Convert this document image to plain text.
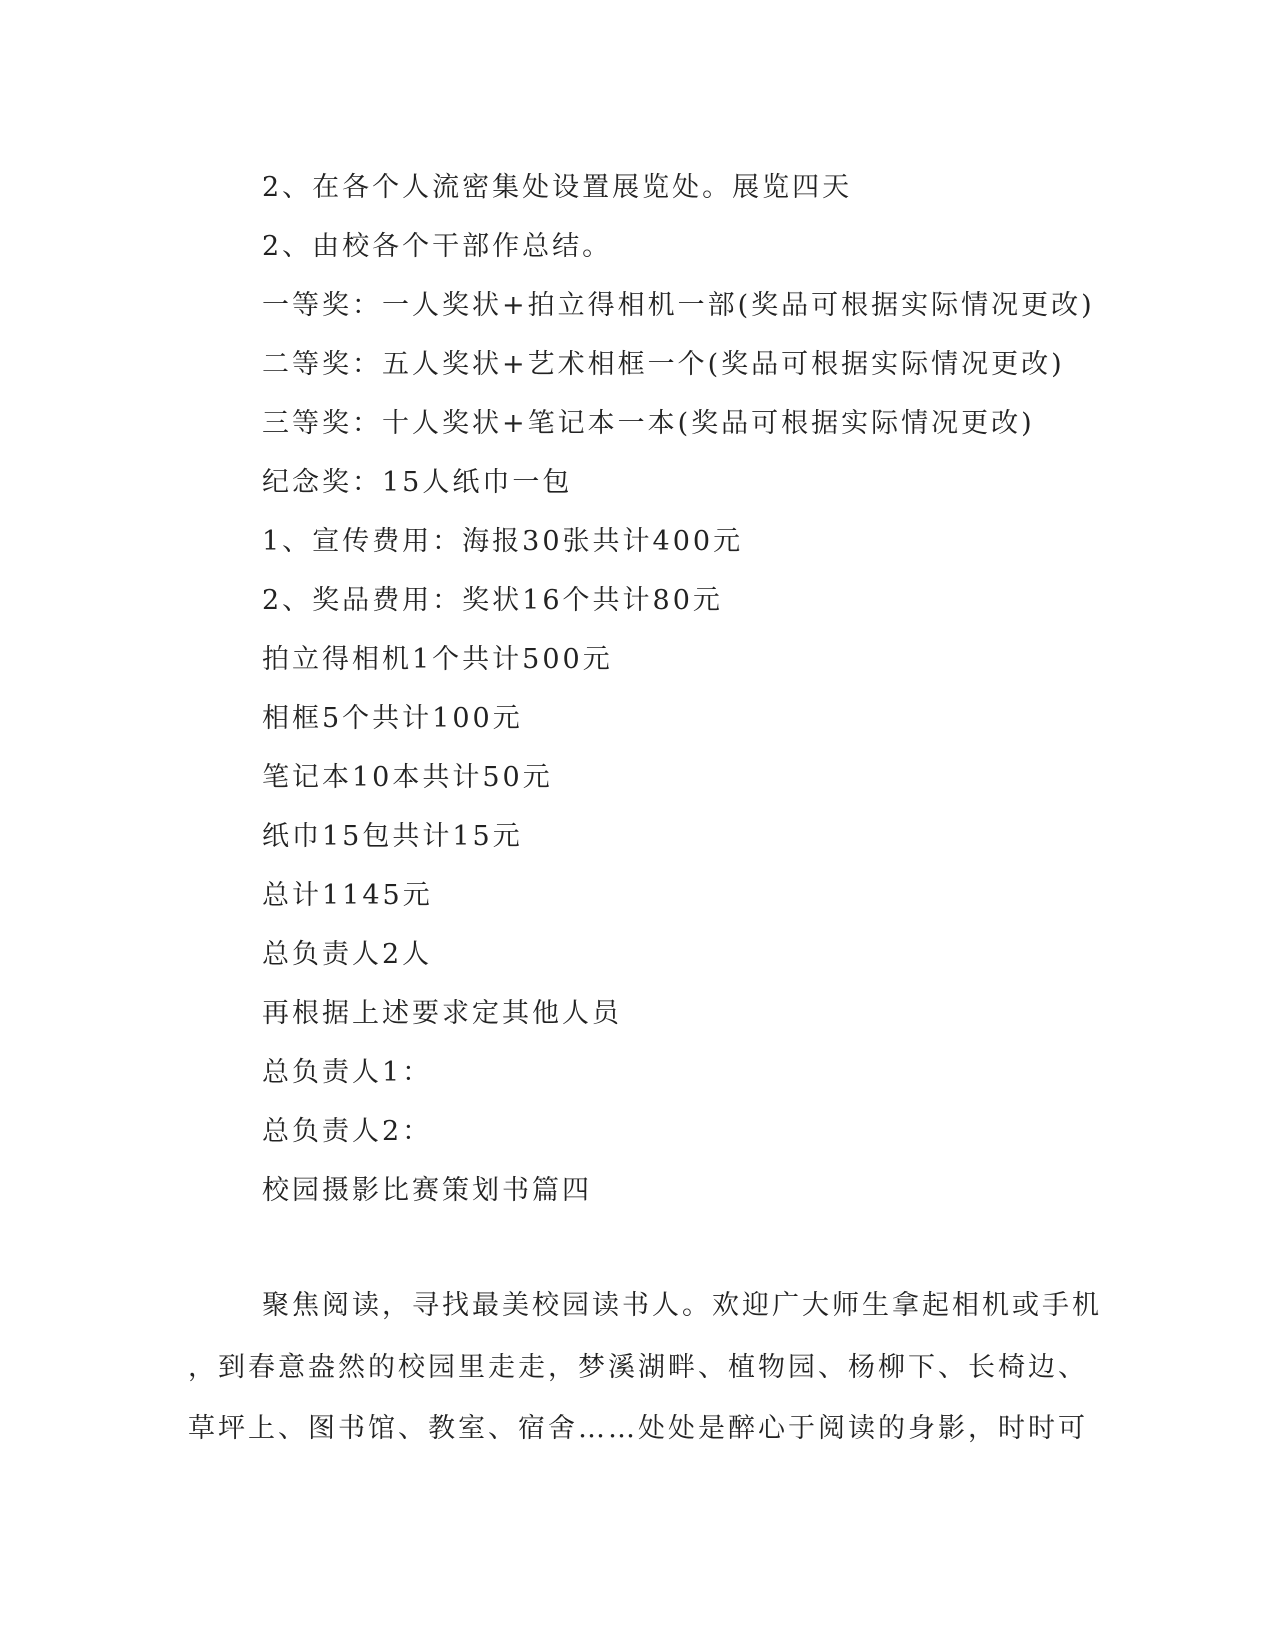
2、在各个人流密集处设置展览处。展览四天
2、由校各个干部作总结。
一等奖：一人奖状+拍立得相机一部(奖品可根据实际情况更改)
二等奖：五人奖状+艺术相框一个(奖品可根据实际情况更改)
三等奖：十人奖状+笔记本一本(奖品可根据实际情况更改)
纪念奖：15人纸巾一包
1、宣传费用：海报30张共计400元
2、奖品费用：奖状16个共计80元
拍立得相机1个共计500元
相框5个共计100元
笔记本10本共计50元
纸巾15包共计15元
总计1145元
总负责人2人
再根据上述要求定其他人员
总负责人1：
总负责人2：
校园摄影比赛策划书篇四

聚焦阅读，寻找最美校园读书人。欢迎广大师生拿起相机或手机

，到春意盎然的校园里走走，梦溪湖畔、植物园、杨柳下、长椅边、

草坪上、图书馆、教室、宿舍……处处是醉心于阅读的身影，时时可
